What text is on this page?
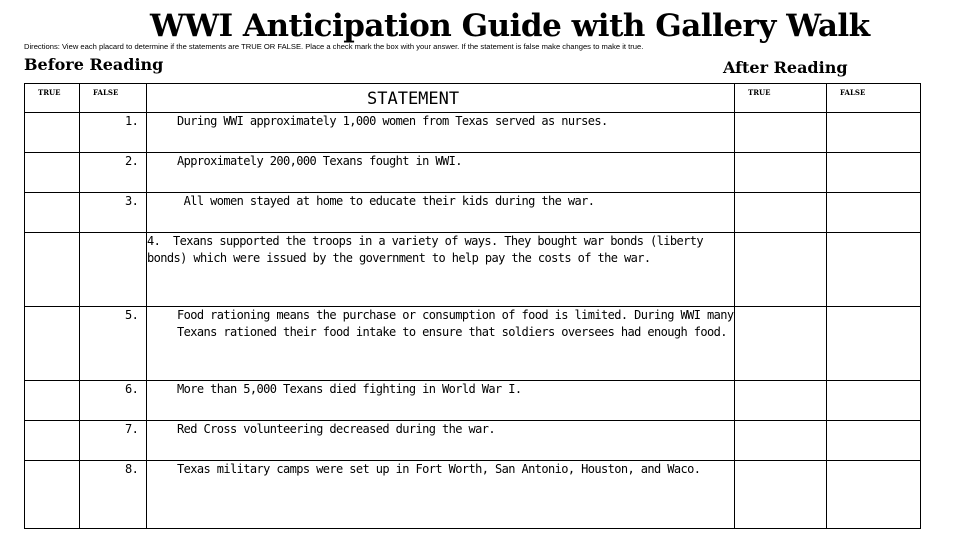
WWI Anticipation Guide with Gallery Walk
Directions: View each placard to determine if the statements are TRUE OR FALSE. Place a check mark the box with your answer. If the statement is false make changes to make it true.
Before Reading	After Reading
TRUE	FALSE	STATEMENT	TRUE	FALSE
		1. During WWI approximately 1,000 women from Texas served as nurses.		
		2. Approximately 200,000 Texans fought in WWI.		
		3. All women stayed at home to educate their kids during the war.		
		4. Texans supported the troops in a variety of ways. They bought war bonds (liberty bonds) which were issued by the government to help pay the costs of the war.		
		5. Food rationing means the purchase or consumption of food is limited. During WWI many Texans rationed their food intake to ensure that soldiers oversees had enough food.		
		6. More than 5,000 Texans died fighting in World War I.		
		7. Red Cross volunteering decreased during the war.		
		8. Texas military camps were set up in Fort Worth, San Antonio, Houston, and Waco.		
